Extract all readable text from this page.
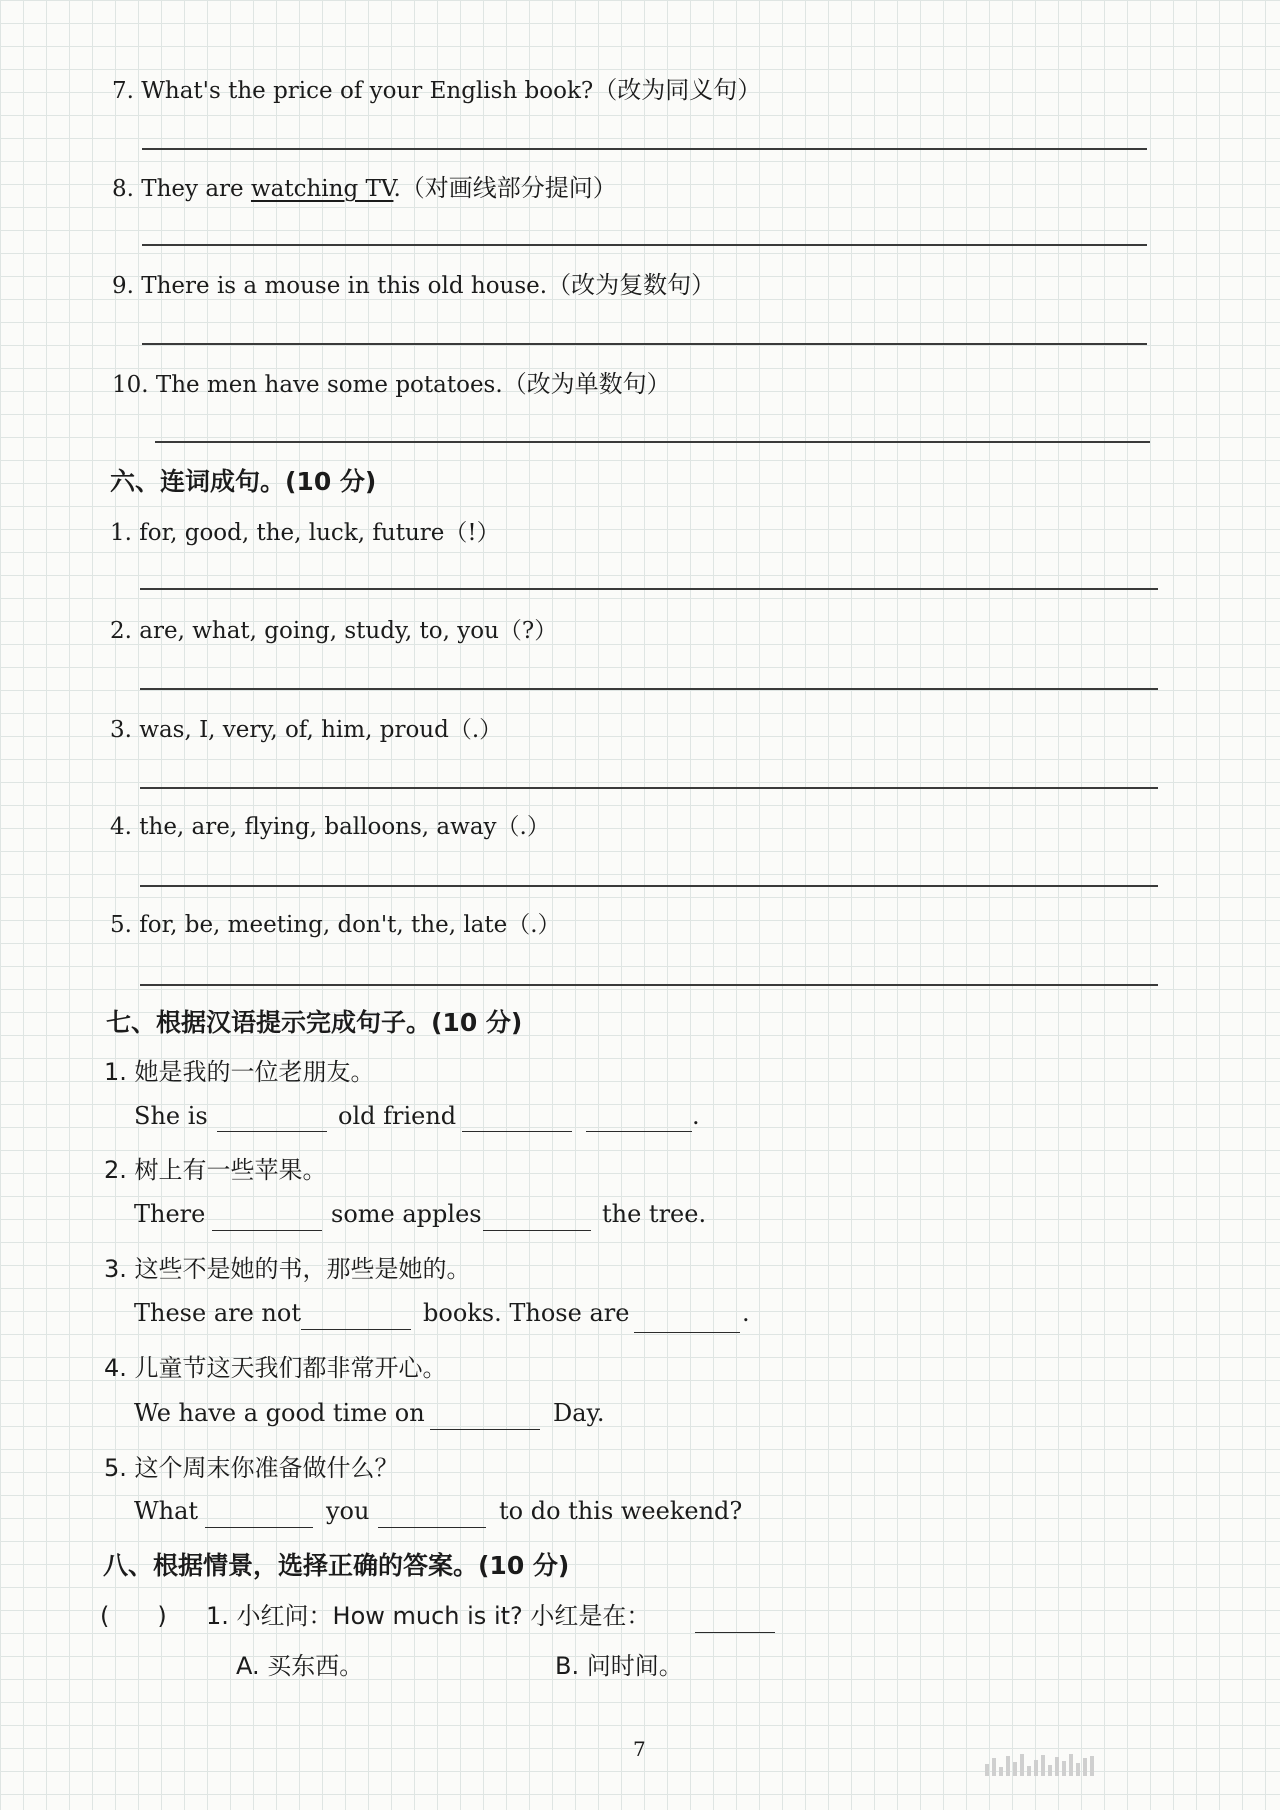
7. What's the price of your English book?（改为同义句）
8. They are watching TV.（对画线部分提问）
9. There is a mouse in this old house.（改为复数句）
10. The men have some potatoes.（改为单数句）
六、连词成句。(10 分)
1. for, good, the, luck, future（!）
2. are, what, going, study, to, you（?）
3. was, I, very, of, him, proud（.）
4. the, are, flying, balloons, away（.）
5. for, be, meeting, don't, the, late（.）
七、根据汉语提示完成句子。(10 分)
1. 她是我的一位老朋友。
She is	old friend	.
2. 树上有一些苹果。
There	some apples	the tree.
3. 这些不是她的书，那些是她的。
These are not	books. Those are	.
4. 儿童节这天我们都非常开心。
We have a good time on	Day.
5. 这个周末你准备做什么？
What	you	to do this weekend?
八、根据情景，选择正确的答案。(10 分)
(　　) 1. 小红问：How much is it? 小红是在：
A. 买东西。	B. 问时间。
7
